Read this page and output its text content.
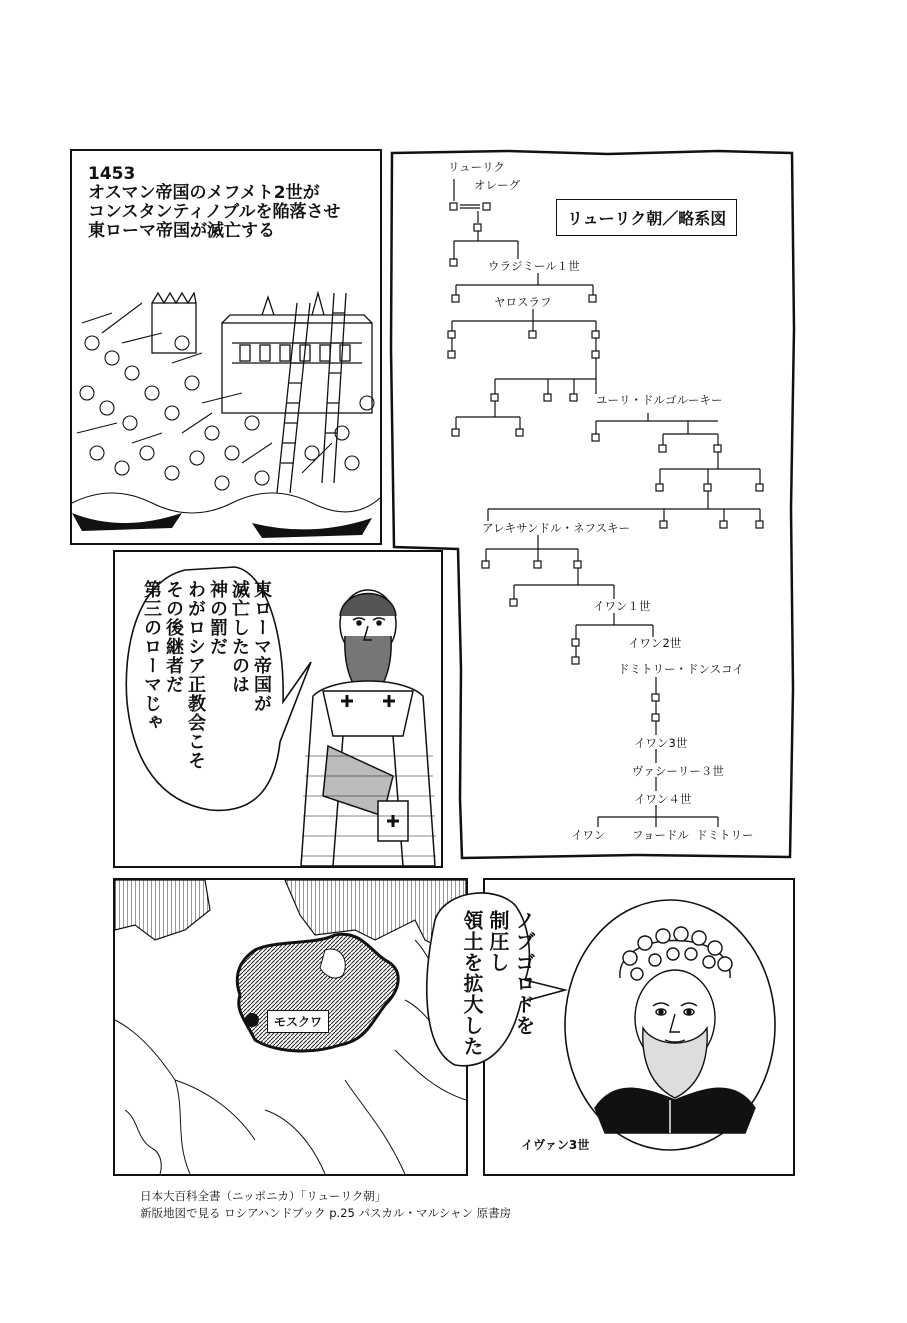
1453
オスマン帝国のメフメト2世が
コンスタンティノブルを陥落させ
東ローマ帝国が滅亡する
リューリク朝／略系図
リューリク
オレーグ
ウラジミール１世
ヤロスラフ
ユーリ・ドルゴルーキー
アレキサンドル・ネフスキー
イワン１世
イワン2世
ドミトリー・ドンスコイ
イワン3世
ヴァシーリー３世
イワン４世
イワン フョードル ドミトリー
東ローマ帝国が
滅亡したのは
神の罰だ
わがロシア正教会こそ
その後継者だ
第三のローマじゃ
モスクワ	ノブゴロドを
制圧し
領土を拡大した
イヴァン3世
日本大百科全書（ニッポニカ）「リューリク朝」
新版地図で見る ロシアハンドブック p.25 パスカル・マルシャン 原書房
